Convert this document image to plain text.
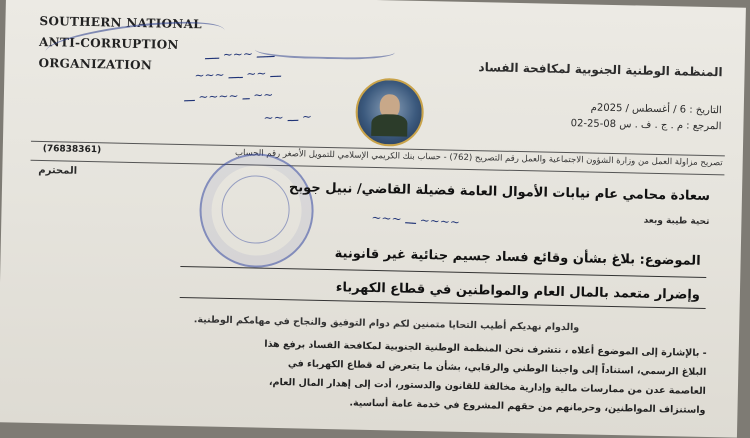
SOUTHERN NATIONAL
ANTI-CORRUPTION
ORGANIZATION
ـــــ ~~~ ــــ
~~~ ـــ ~~ ــــ
ــ ~~~~ ـــ ~~
~~ ـــ ~
المنظمة الوطنية الجنوبية لمكافحة الفساد
التاريخ : 6 / أغسطس / 2025م
المرجع : م . ج . ف . س 08-25-02
تصريح مزاولة العمل من وزارة الشؤون الاجتماعية والعمل رقم التصريح (762) - حساب بنك الكريمي الإسلامي للتمويل الأصغر رقم الحساب
(76838361)
المحترم
سعادة محامي عام نيابات الأموال العامة فضيلة القاضي/ نبيل جوبح
تحية طيبة وبعد
~~~ ـــ ~~~~
الموضوع: بلاغ بشأن وقائع فساد جسيم جنائية غير قانونية
وإضرار متعمد بالمال العام والمواطنين في قطاع الكهرباء
والدوام نهديكم أطيب التحايا متمنين لكم دوام التوفيق والنجاح في مهامكم الوطنية.
- بالإشارة إلى الموضوع أعلاه ، نتشرف نحن المنظمة الوطنية الجنوبية لمكافحة الفساد برفع هذا
البلاغ الرسمي، استناداً إلى واجبنا الوطني والرقابي، بشأن ما يتعرض له قطاع الكهرباء في
العاصمة عدن من ممارسات مالية وإدارية مخالفة للقانون والدستور، أدت إلى إهدار المال العام،
واستنزاف المواطنين، وحرمانهم من حقهم المشروع في خدمة عامة أساسية.
